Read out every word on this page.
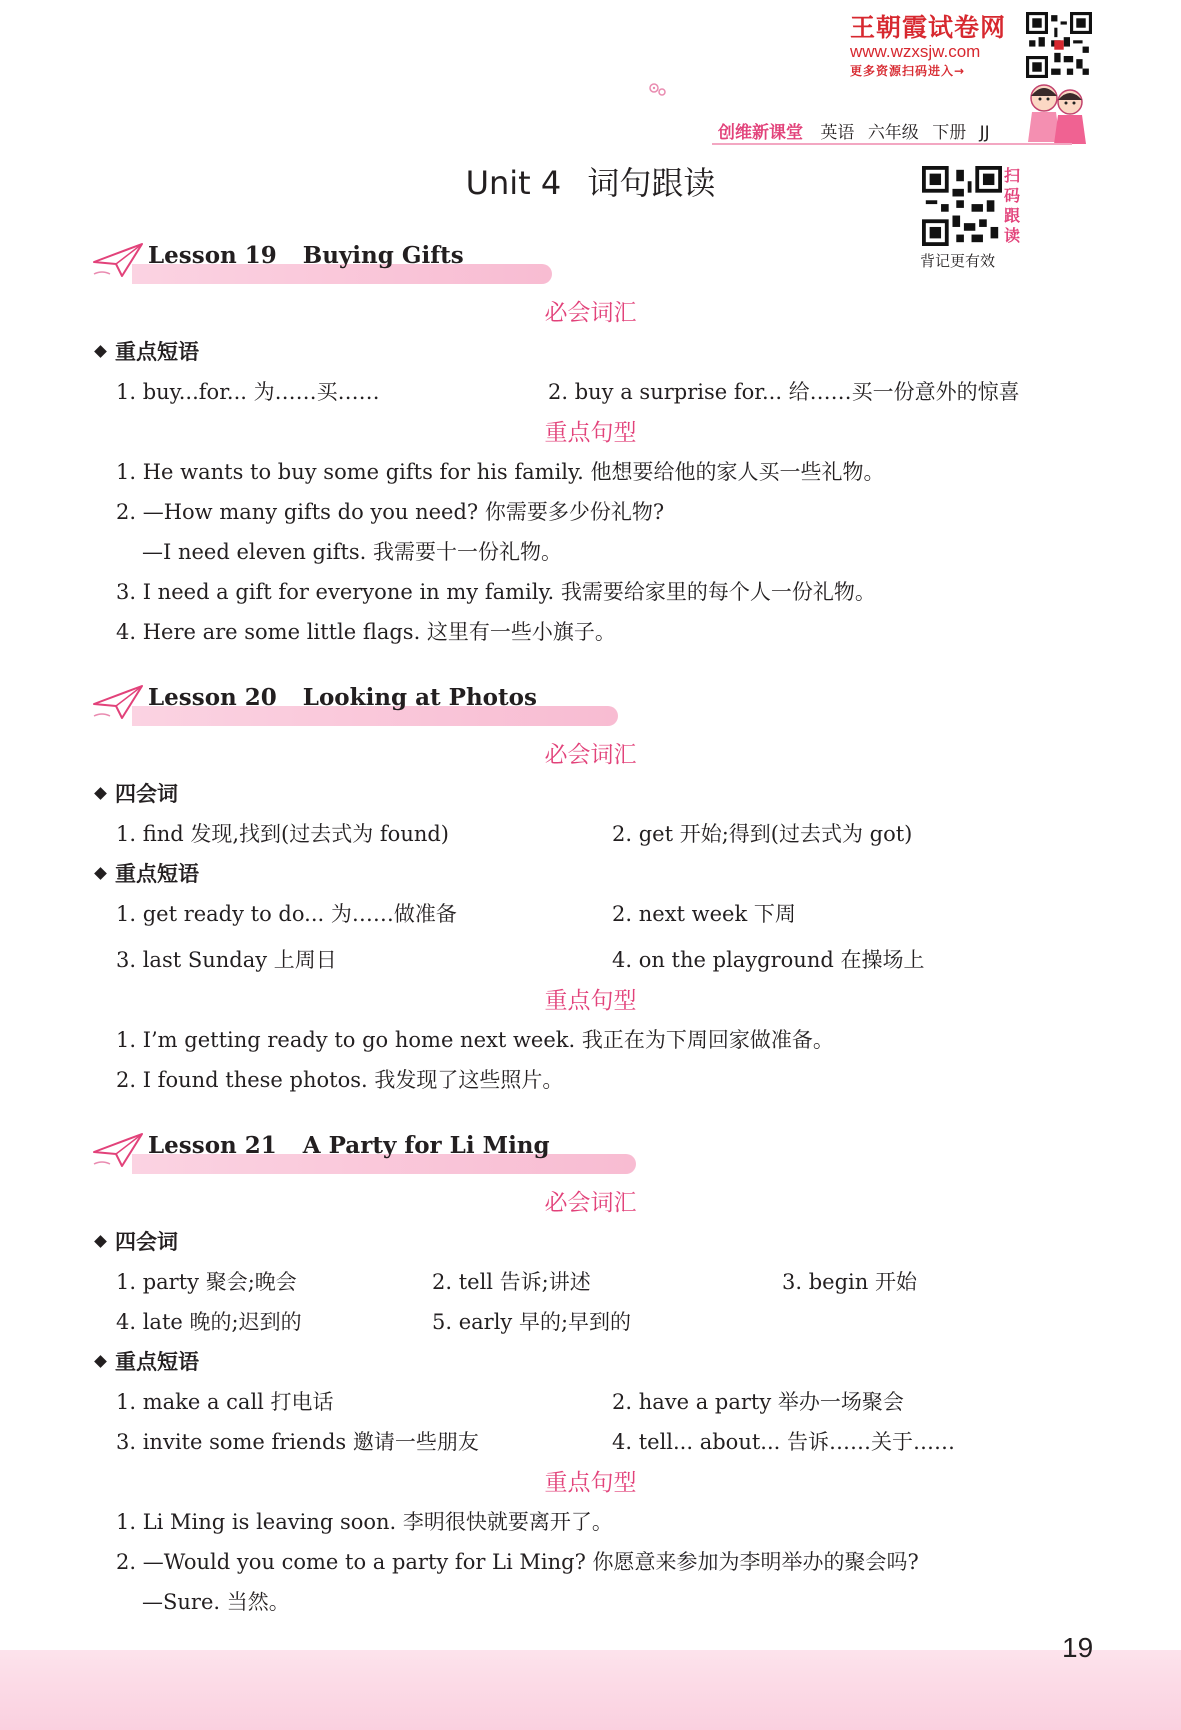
王朝霞试卷网
www.wzxsjw.com
更多资源扫码进入→
创维新课堂 英语 六年级 下册 JJ
Unit 4 词句跟读	扫
码
跟
读
背记更有效
Lesson 19 Buying Gifts
必会词汇
重点短语
1. buy...for... 为……买……	2. buy a surprise for... 给……买一份意外的惊喜
重点句型
1. He wants to buy some gifts for his family. 他想要给他的家人买一些礼物。
2. —How many gifts do you need? 你需要多少份礼物?
—I need eleven gifts. 我需要十一份礼物。
3. I need a gift for everyone in my family. 我需要给家里的每个人一份礼物。
4. Here are some little flags. 这里有一些小旗子。
Lesson 20 Looking at Photos
必会词汇
四会词
1. find 发现,找到(过去式为 found)	2. get 开始;得到(过去式为 got)
重点短语
1. get ready to do... 为……做准备	2. next week 下周
3. last Sunday 上周日	4. on the playground 在操场上
重点句型
1. I’m getting ready to go home next week. 我正在为下周回家做准备。
2. I found these photos. 我发现了这些照片。
Lesson 21 A Party for Li Ming
必会词汇
四会词
1. party 聚会;晚会	2. tell 告诉;讲述	3. begin 开始
4. late 晚的;迟到的	5. early 早的;早到的
重点短语
1. make a call 打电话	2. have a party 举办一场聚会
3. invite some friends 邀请一些朋友	4. tell... about... 告诉……关于……
重点句型
1. Li Ming is leaving soon. 李明很快就要离开了。
2. —Would you come to a party for Li Ming? 你愿意来参加为李明举办的聚会吗?
—Sure. 当然。
19
